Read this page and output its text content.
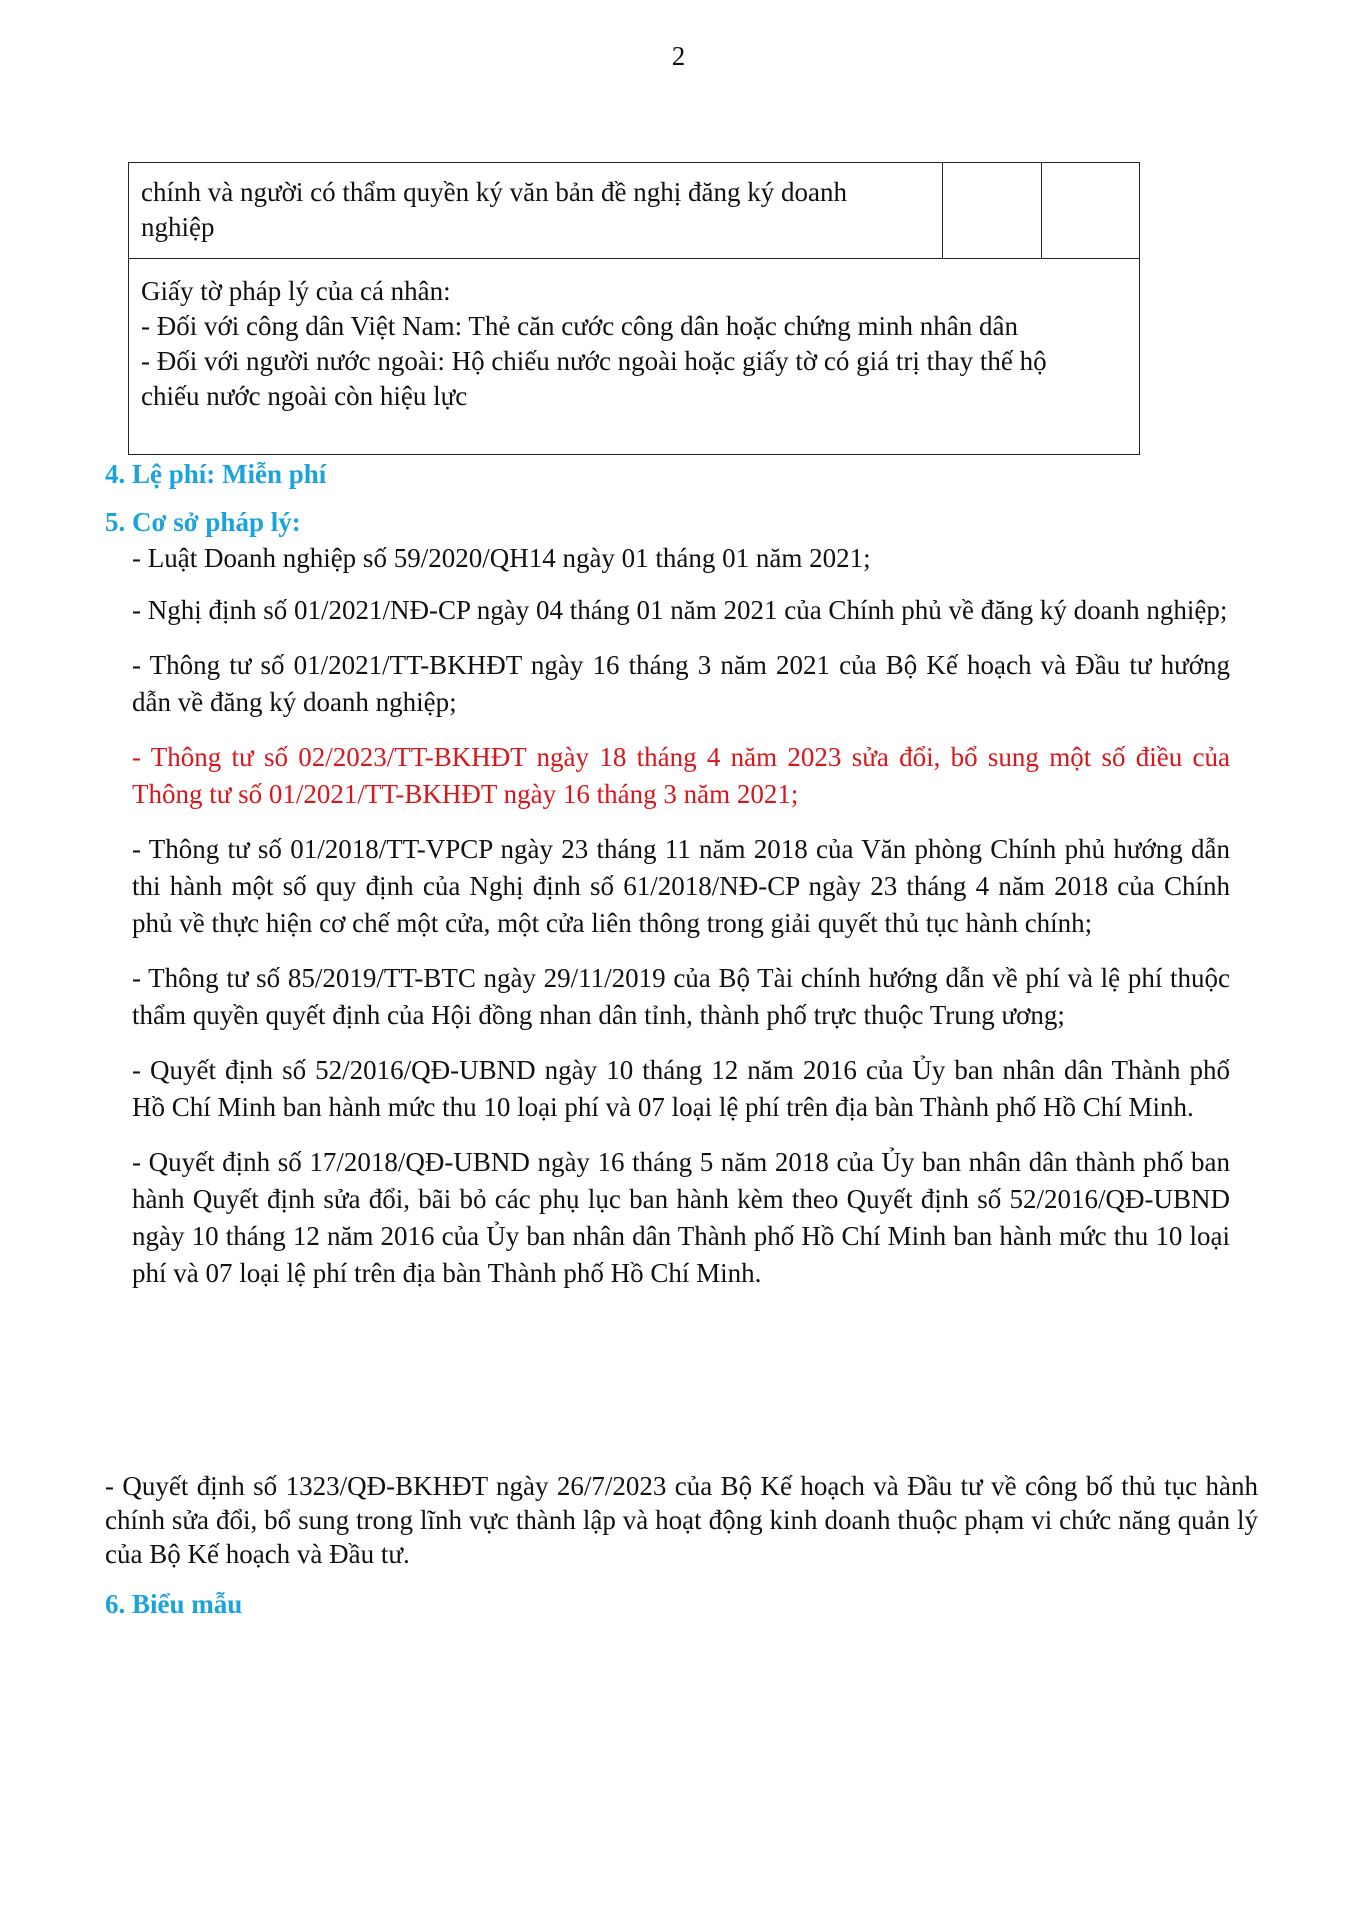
2
chính và người có thẩm quyền ký văn bản đề nghị đăng ký doanh
nghiệp

Giấy tờ pháp lý của cá nhân:
- Đối với công dân Việt Nam: Thẻ căn cước công dân hoặc chứng minh nhân dân
- Đối với người nước ngoài: Hộ chiếu nước ngoài hoặc giấy tờ có giá trị thay thế hộ
chiếu nước ngoài còn hiệu lực
4. Lệ phí: Miễn phí
5. Cơ sở pháp lý:
- Luật Doanh nghiệp số 59/2020/QH14 ngày 01 tháng 01 năm 2021;
- Nghị định số 01/2021/NĐ-CP ngày 04 tháng 01 năm 2021 của Chính phủ về đăng ký doanh nghiệp;
- Thông tư số 01/2021/TT-BKHĐT ngày 16 tháng 3 năm 2021 của Bộ Kế hoạch và Đầu tư hướng dẫn về đăng ký doanh nghiệp;
- Thông tư số 02/2023/TT-BKHĐT ngày 18 tháng 4 năm 2023 sửa đổi, bổ sung một số điều của Thông tư số 01/2021/TT-BKHĐT ngày 16 tháng 3 năm 2021;
- Thông tư số 01/2018/TT-VPCP ngày 23 tháng 11 năm 2018 của Văn phòng Chính phủ hướng dẫn thi hành một số quy định của Nghị định số 61/2018/NĐ-CP ngày 23 tháng 4 năm 2018 của Chính phủ về thực hiện cơ chế một cửa, một cửa liên thông trong giải quyết thủ tục hành chính;
- Thông tư số 85/2019/TT-BTC ngày 29/11/2019 của Bộ Tài chính hướng dẫn về phí và lệ phí thuộc thẩm quyền quyết định của Hội đồng nhan dân tỉnh, thành phố trực thuộc Trung ương;
- Quyết định số 52/2016/QĐ-UBND ngày 10 tháng 12 năm 2016 của Ủy ban nhân dân Thành phố Hồ Chí Minh ban hành mức thu 10 loại phí và 07 loại lệ phí trên địa bàn Thành phố Hồ Chí Minh.
- Quyết định số 17/2018/QĐ-UBND ngày 16 tháng 5 năm 2018 của Ủy ban nhân dân thành phố ban hành Quyết định sửa đổi, bãi bỏ các phụ lục ban hành kèm theo Quyết định số 52/2016/QĐ-UBND ngày 10 tháng 12 năm 2016 của Ủy ban nhân dân Thành phố Hồ Chí Minh ban hành mức thu 10 loại phí và 07 loại lệ phí trên địa bàn Thành phố Hồ Chí Minh.

- Quyết định số 1323/QĐ-BKHĐT ngày 26/7/2023 của Bộ Kế hoạch và Đầu tư về công bố thủ tục hành chính sửa đổi, bổ sung trong lĩnh vực thành lập và hoạt động kinh doanh thuộc phạm vi chức năng quản lý của Bộ Kế hoạch và Đầu tư.

6. Biểu mẫu
